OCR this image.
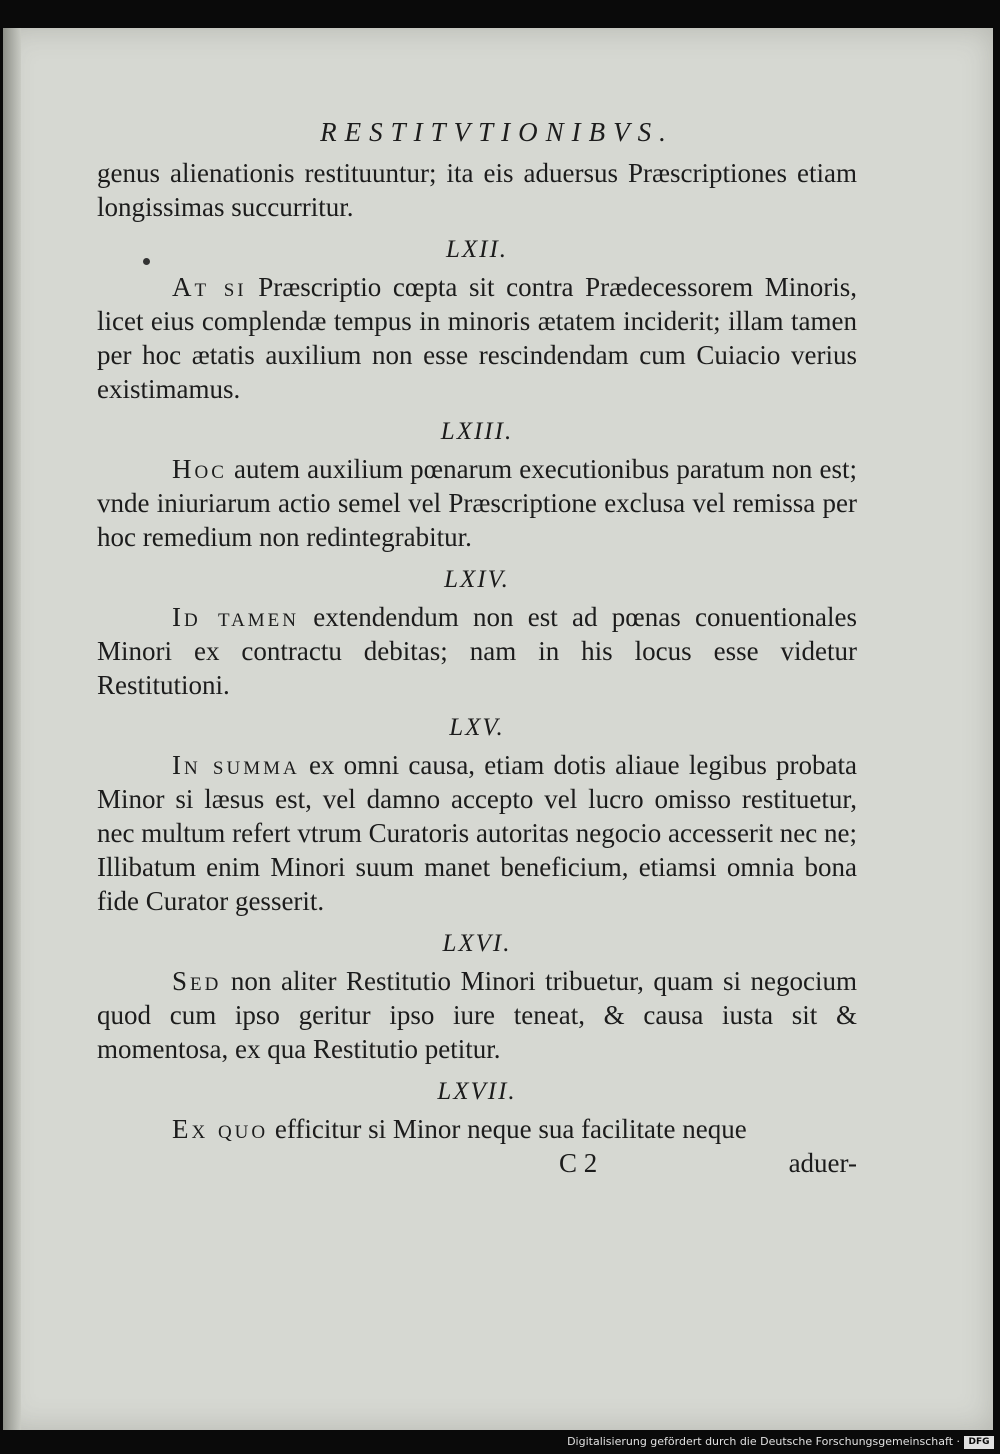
RESTITVTIONIBVS.

genus alienationis restituuntur; ita eis aduersus Præscriptiones etiam longissimas succurritur.

LXII.

At si Præscriptio cœpta sit contra Prædecessorem Minoris, licet eius complendæ tempus in minoris ætatem inciderit; illam tamen per hoc ætatis auxilium non esse rescindendam cum Cuiacio verius existimamus.

LXIII.

Hoc autem auxilium pœnarum executionibus paratum non est; vnde iniuriarum actio semel vel Præscriptione exclusa vel remissa per hoc remedium non redintegrabitur.

LXIV.

Id tamen extendendum non est ad pœnas conuentionales Minori ex contractu debitas; nam in his locus esse videtur Restitutioni.

LXV.

In summa ex omni causa, etiam dotis aliaue legibus probata Minor si læsus est, vel damno accepto vel lucro omisso restituetur, nec multum refert vtrum Curatoris autoritas negocio accesserit nec ne; Illibatum enim Minori suum manet beneficium, etiamsi omnia bona fide Curator gesserit.

LXVI.

Sed non aliter Restitutio Minori tribuetur, quam si negocium quod cum ipso geritur ipso iure teneat, & causa iusta sit & momentosa, ex qua Restitutio petitur.

LXVII.

Ex quo efficitur si Minor neque sua facilitate neque

C 2	aduer-

Digitalisierung gefördert durch die Deutsche Forschungsgemeinschaft · DFG
